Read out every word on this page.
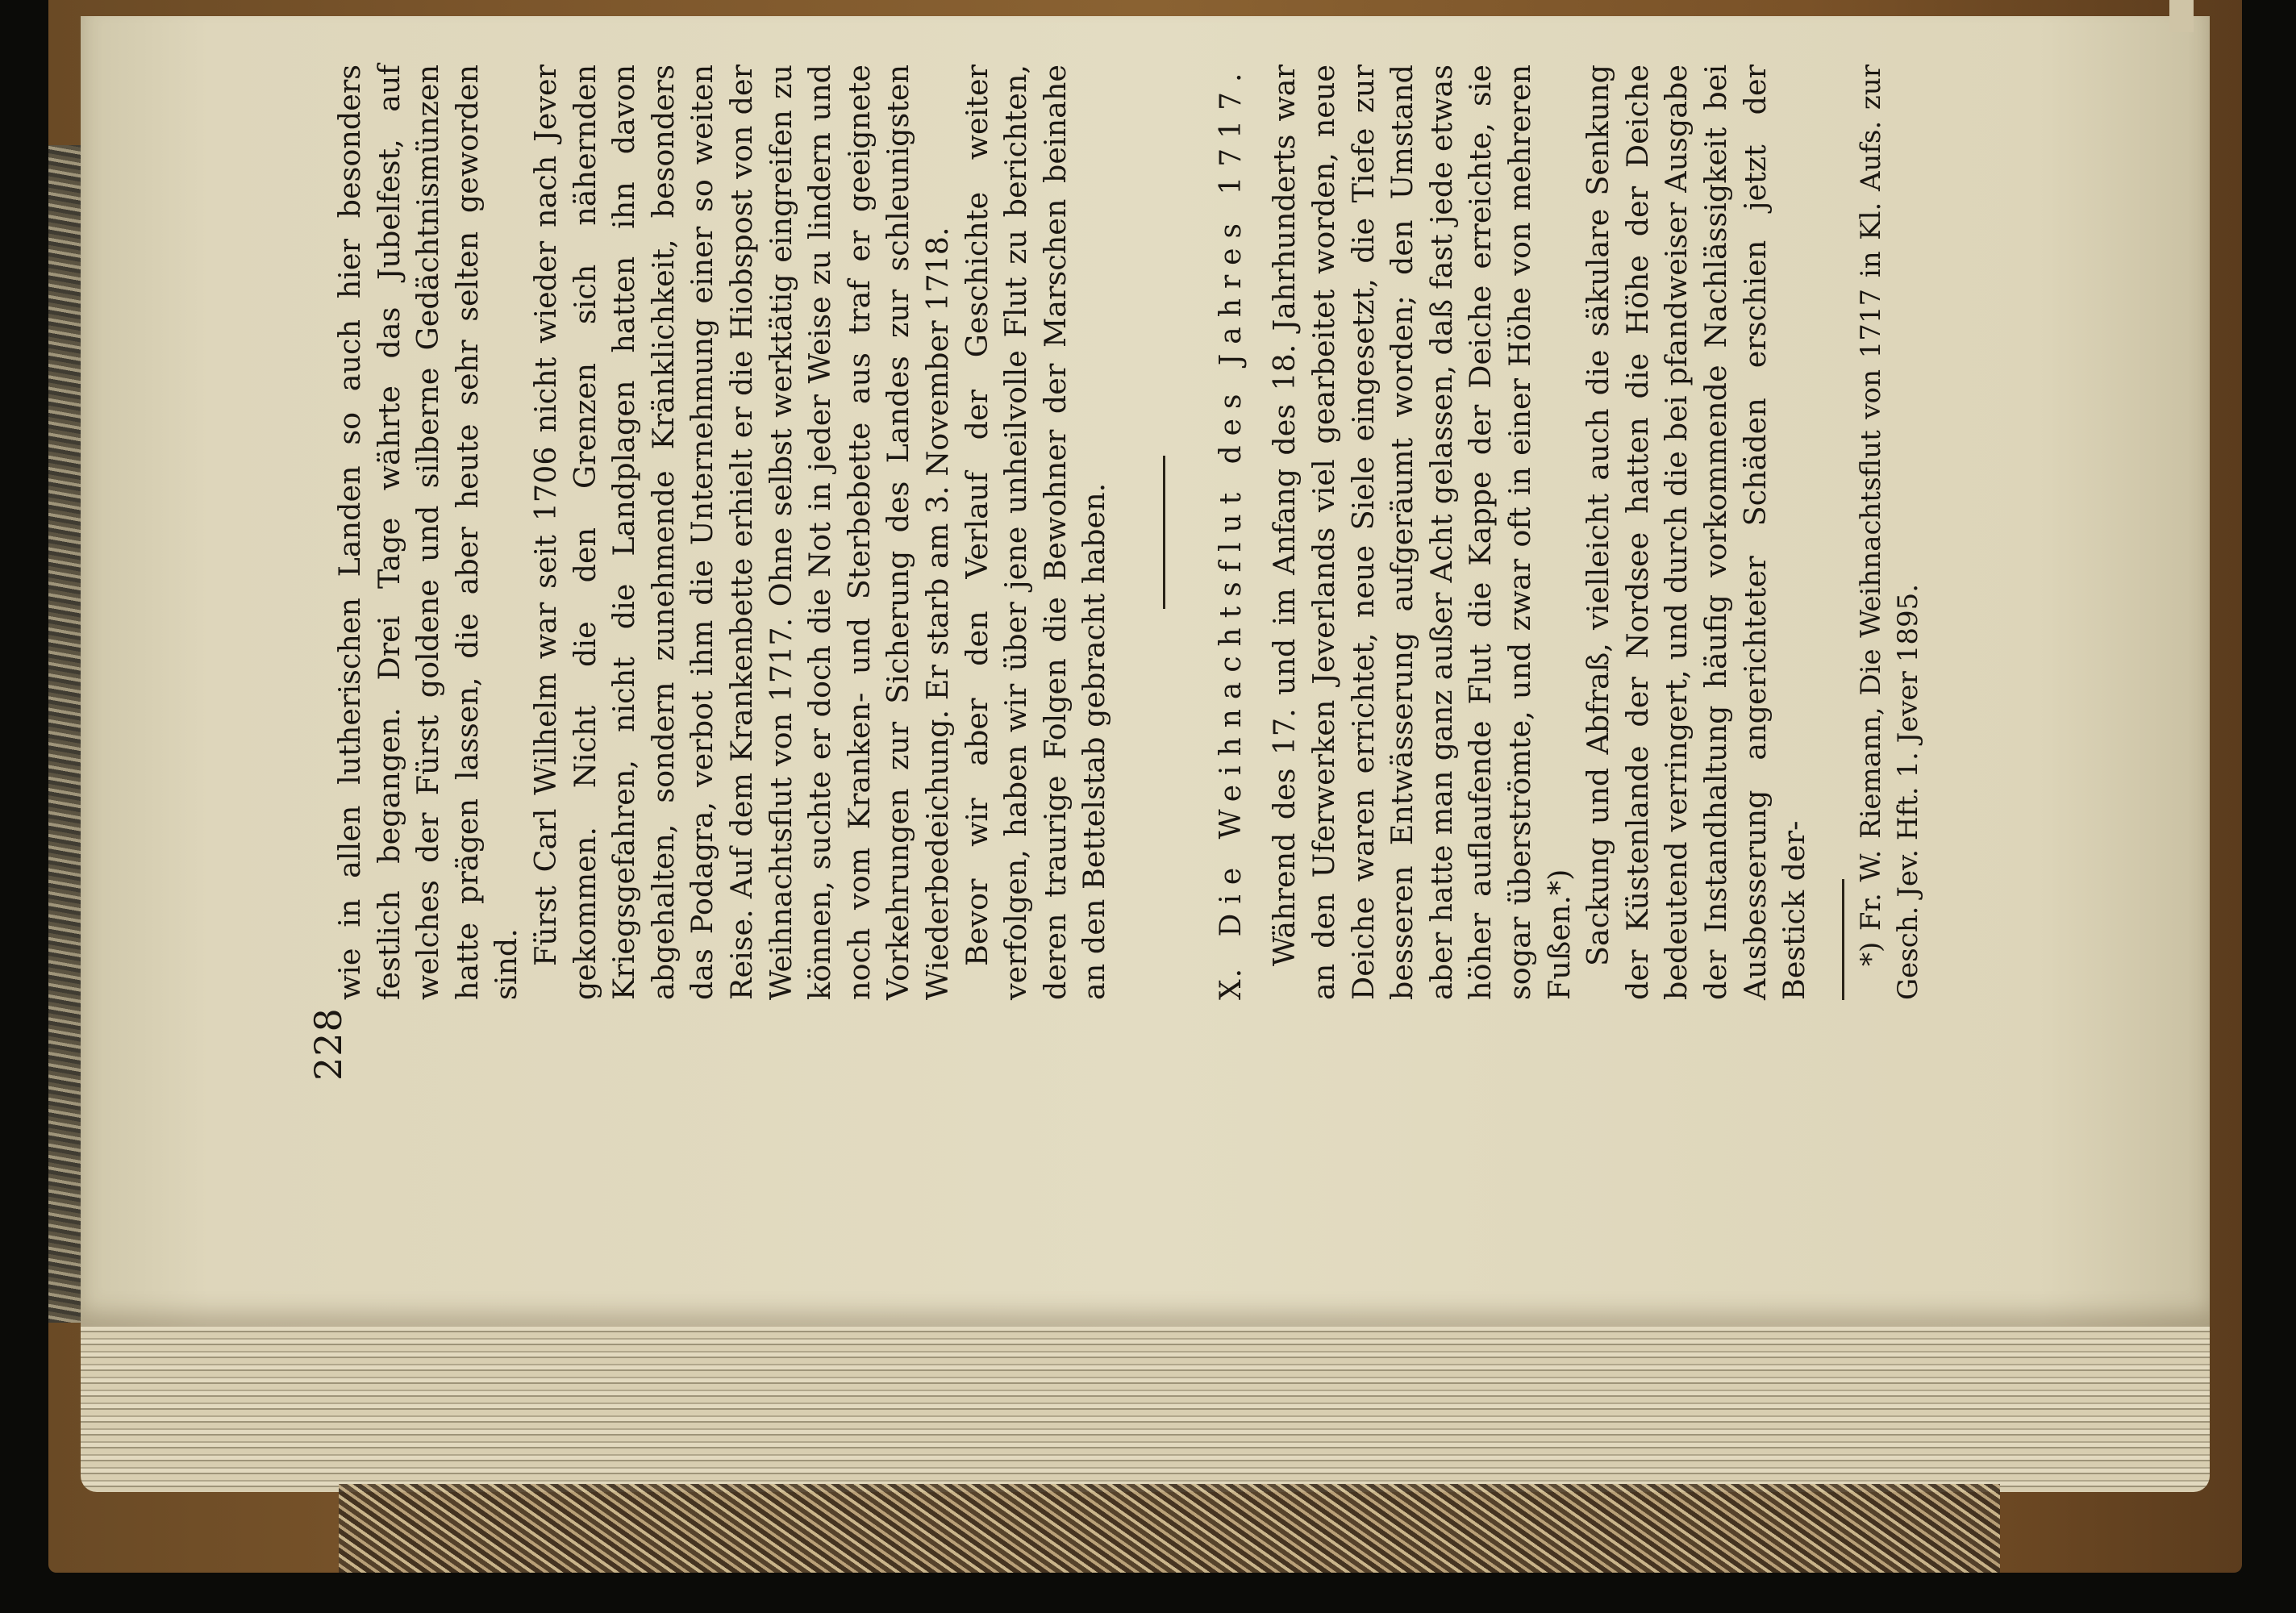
228

wie in allen lutherischen Landen so auch hier besonders festlich begangen. Drei Tage währte das Jubelfest, auf welches der Fürst goldene und silberne Gedächtnismünzen hatte prägen lassen, die aber heute sehr selten geworden sind. Fürst Carl Wilhelm war seit 1706 nicht wieder nach Jever gekommen. Nicht die den Grenzen sich nähernden Kriegsgefahren, nicht die Landplagen hatten ihn davon abgehalten, sondern zunehmende Kränklichkeit, besonders das Podagra, verbot ihm die Unternehmung einer so weiten Reise. Auf dem Krankenbette erhielt er die Hiobspost von der Weihnachtsflut von 1717. Ohne selbst werktätig eingreifen zu können, suchte er doch die Not in jeder Weise zu lindern und noch vom Kranken- und Sterbebette aus traf er geeignete Vorkehrungen zur Sicherung des Landes zur schleunigsten Wiederbedeichung. Er starb am 3. November 1718. Bevor wir aber den Verlauf der Geschichte weiter verfolgen, haben wir über jene unheilvolle Flut zu berichten, deren traurige Folgen die Bewohner der Marschen beinahe an den Bettelstab gebracht haben.	X. Die Weihnachtsflut des Jahres 1717. Während des 17. und im Anfang des 18. Jahrhunderts war an den Uferwerken Jeverlands viel gearbeitet worden, neue Deiche waren errichtet, neue Siele eingesetzt, die Tiefe zur besseren Entwässerung aufgeräumt worden; den Umstand aber hatte man ganz außer Acht gelassen, daß fast jede etwas höher auflaufende Flut die Kappe der Deiche erreichte, sie sogar überströmte, und zwar oft in einer Höhe von mehreren Fußen.*) Sackung und Abfraß, vielleicht auch die säkulare Senkung der Küstenlande der Nordsee hatten die Höhe der Deiche bedeutend verringert, und durch die bei pfandweiser Ausgabe der Instandhaltung häufig vorkommende Nachlässigkeit bei Ausbesserung angerichteter Schäden erschien jetzt der Bestick der- *) Fr. W. Riemann, Die Weihnachtsflut von 1717 in Kl. Aufs. zur Gesch. Jev. Hft. 1. Jever 1895.
